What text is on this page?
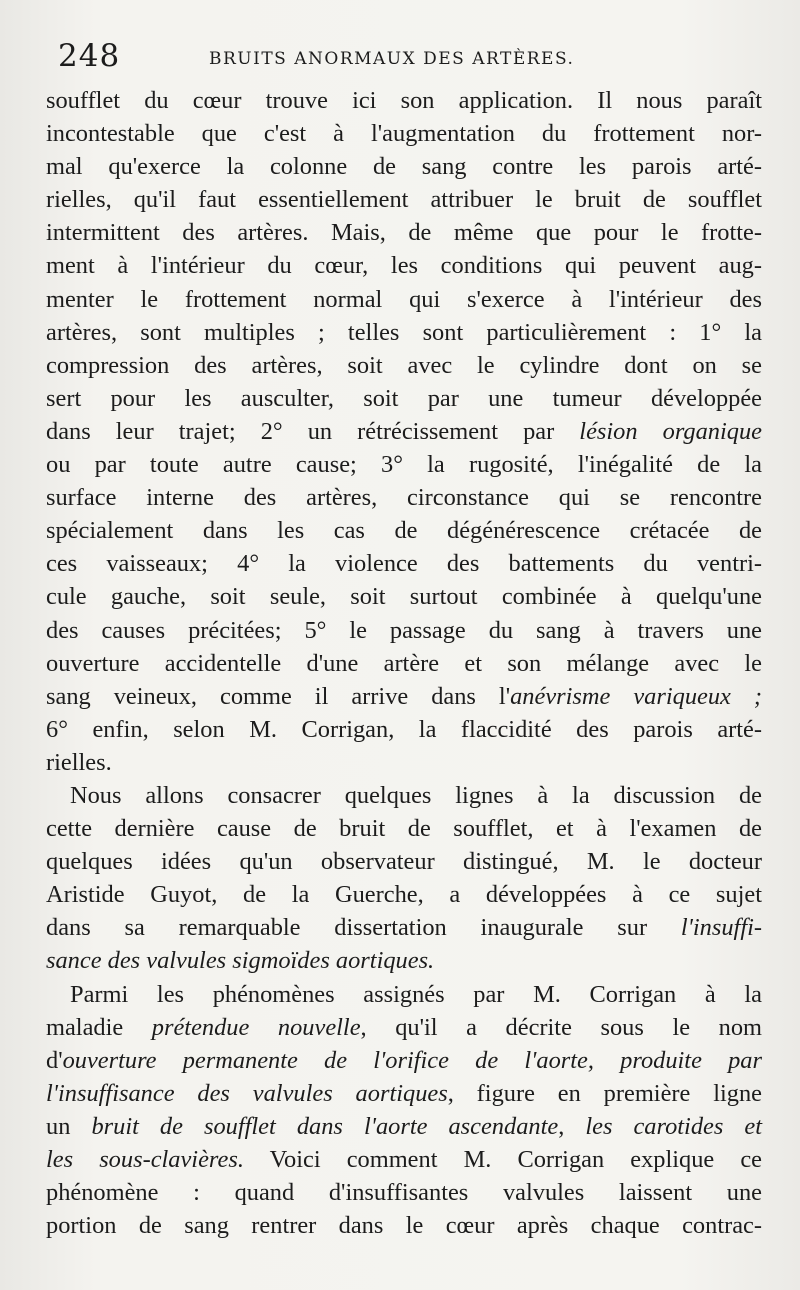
248	BRUITS ANORMAUX DES ARTÈRES.
soufflet du cœur trouve ici son application. Il nous paraît
incontestable que c'est à l'augmentation du frottement nor-
mal qu'exerce la colonne de sang contre les parois arté-
rielles, qu'il faut essentiellement attribuer le bruit de soufflet
intermittent des artères. Mais, de même que pour le frotte-
ment à l'intérieur du cœur, les conditions qui peuvent aug-
menter le frottement normal qui s'exerce à l'intérieur des
artères, sont multiples ; telles sont particulièrement : 1° la
compression des artères, soit avec le cylindre dont on se
sert pour les ausculter, soit par une tumeur développée
dans leur trajet; 2° un rétrécissement par lésion organique
ou par toute autre cause; 3° la rugosité, l'inégalité de la
surface interne des artères, circonstance qui se rencontre
spécialement dans les cas de dégénérescence crétacée de
ces vaisseaux; 4° la violence des battements du ventri-
cule gauche, soit seule, soit surtout combinée à quelqu'une
des causes précitées; 5° le passage du sang à travers une
ouverture accidentelle d'une artère et son mélange avec le
sang veineux, comme il arrive dans l'anévrisme variqueux ;
6° enfin, selon M. Corrigan, la flaccidité des parois arté-
rielles.
Nous allons consacrer quelques lignes à la discussion de
cette dernière cause de bruit de soufflet, et à l'examen de
quelques idées qu'un observateur distingué, M. le docteur
Aristide Guyot, de la Guerche, a développées à ce sujet
dans sa remarquable dissertation inaugurale sur l'insuffi-
sance des valvules sigmoïdes aortiques.
Parmi les phénomènes assignés par M. Corrigan à la
maladie prétendue nouvelle, qu'il a décrite sous le nom
d'ouverture permanente de l'orifice de l'aorte, produite par
l'insuffisance des valvules aortiques, figure en première ligne
un bruit de soufflet dans l'aorte ascendante, les carotides et
les sous-clavières. Voici comment M. Corrigan explique ce
phénomène : quand d'insuffisantes valvules laissent une
portion de sang rentrer dans le cœur après chaque contrac-
